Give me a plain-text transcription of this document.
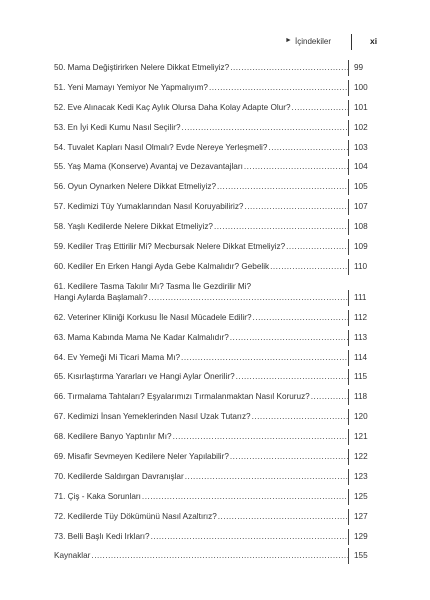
► İçindekiler	xi
50. Mama Değiştirirken Nelere Dikkat Etmeliyiz? .....	99
51. Yeni Mamayı Yemiyor Ne Yapmalıyım? .....	100
52. Eve Alınacak Kedi Kaç Aylık Olursa Daha Kolay Adapte Olur? .....	101
53. En İyi Kedi Kumu Nasıl Seçilir? .....	102
54. Tuvalet Kapları Nasıl Olmalı? Evde Nereye Yerleşmeli? .....	103
55. Yaş Mama (Konserve) Avantaj ve Dezavantajları .....	104
56. Oyun Oynarken Nelere Dikkat Etmeliyiz? .....	105
57. Kedimizi Tüy Yumaklarından Nasıl Koruyabiliriz? .....	107
58. Yaşlı Kedilerde Nelere Dikkat Etmeliyiz? .....	108
59. Kediler Traş Ettirilir Mi? Mecbursak Nelere Dikkat Etmeliyiz? .....	109
60. Kediler En Erken Hangi Ayda Gebe Kalmalıdır? Gebelik .....	110
61. Kedilere Tasma Takılır Mı? Tasma İle Gezdirilir Mi?
Hangi Aylarda Başlamalı? .....	111
62. Veteriner Kliniği Korkusu İle Nasıl Mücadele Edilir? .....	112
63. Mama Kabında Mama Ne Kadar Kalmalıdır? .....	113
64. Ev Yemeği Mi Ticari Mama Mı? .....	114
65. Kısırlaştırma Yararları ve Hangi Aylar Önerilir? .....	115
66. Tırmalama Tahtaları? Eşyalarımızı Tırmalanmaktan Nasıl Koruruz? .....	118
67. Kedimizi İnsan Yemeklerinden Nasıl Uzak Tutarız? .....	120
68. Kedilere Banyo Yaptırılır Mı? .....	121
69. Misafir Sevmeyen Kedilere Neler Yapılabilir? .....	122
70. Kedilerde Saldırgan Davranışlar .....	123
71. Çiş - Kaka Sorunları .....	125
72. Kedilerde Tüy Dökümünü Nasıl Azaltırız? .....	127
73. Belli Başlı Kedi Irkları? .....	129
Kaynaklar .....	155
